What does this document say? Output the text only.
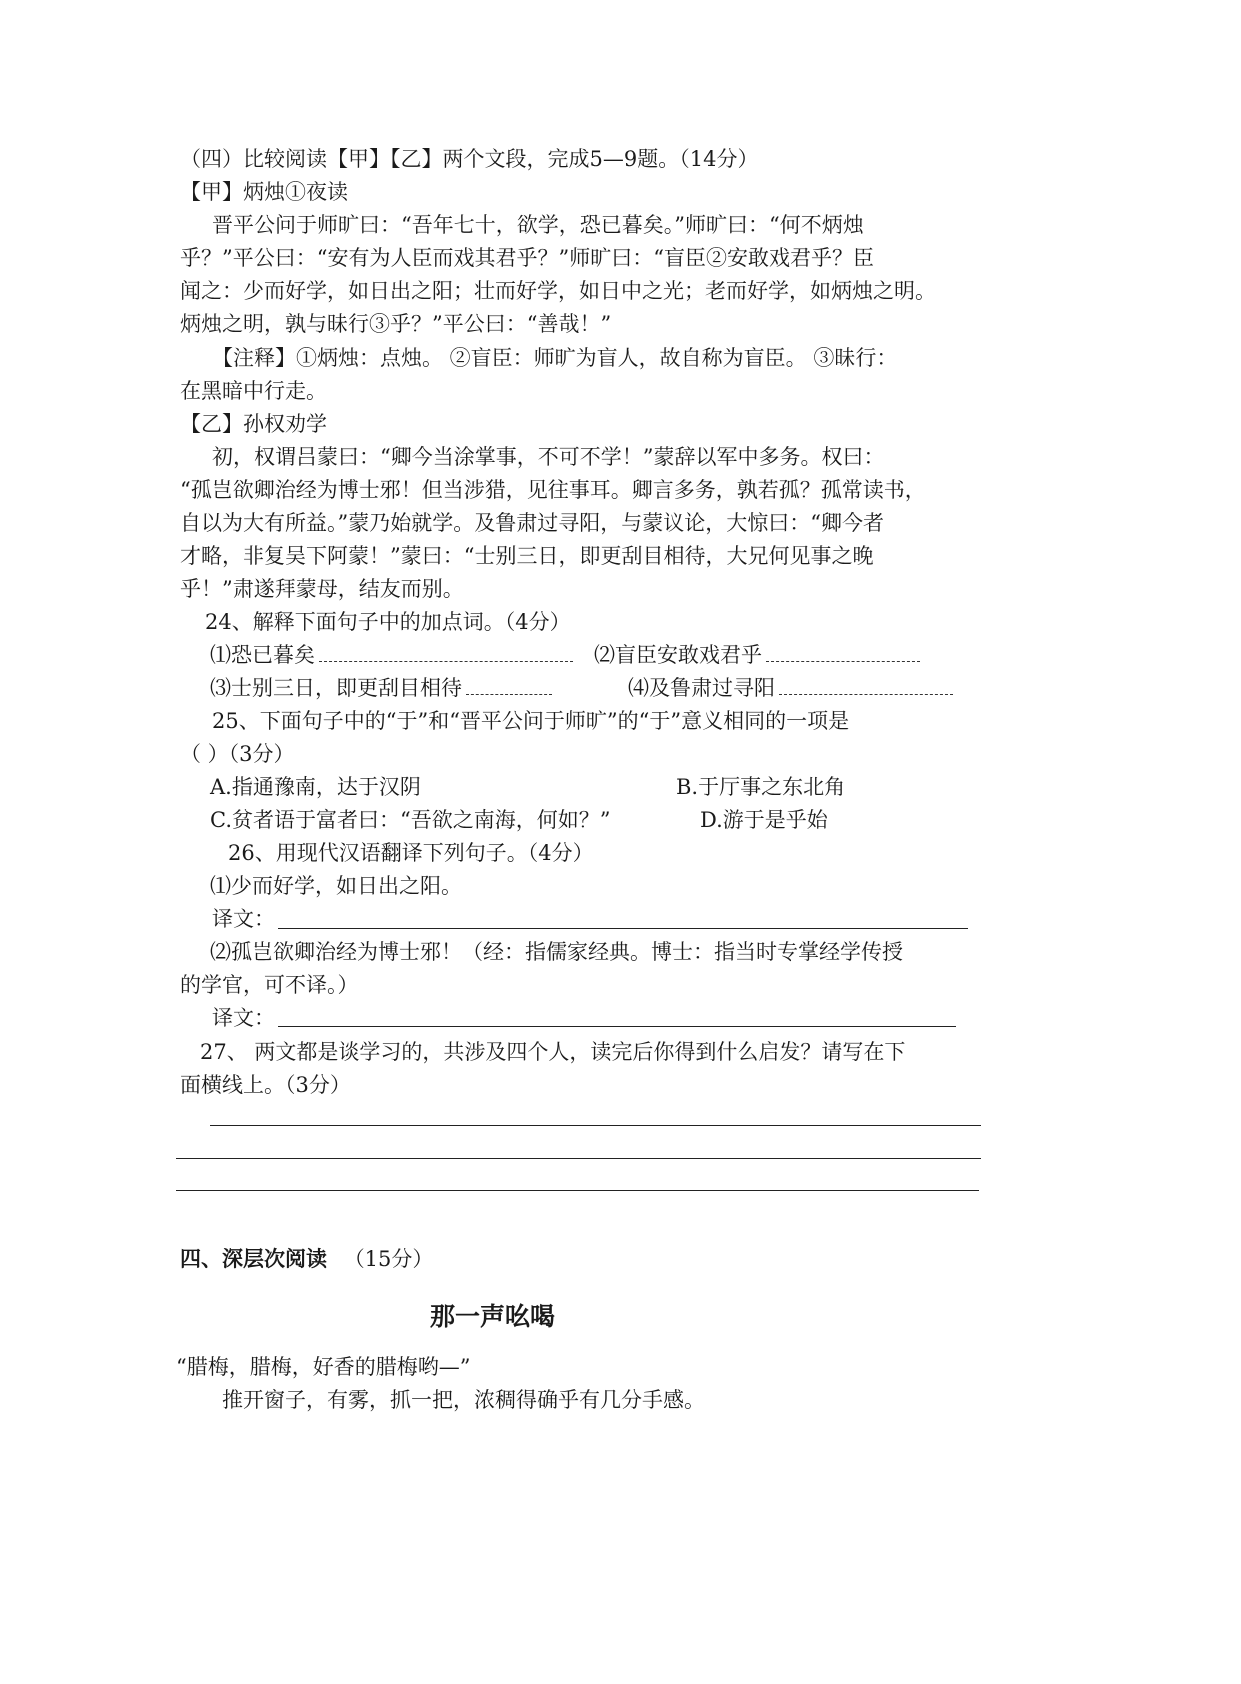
（四）比较阅读【甲】【乙】两个文段，完成5—9题。（14分）
【甲】炳烛①夜读
晋平公问于师旷曰：“吾年七十，欲学，恐已暮矣。”师旷曰：“何不炳烛
乎？”平公曰：“安有为人臣而戏其君乎？”师旷曰：“盲臣②安敢戏君乎？臣
闻之：少而好学，如日出之阳；壮而好学，如日中之光；老而好学，如炳烛之明。
炳烛之明，孰与昧行③乎？”平公曰：“善哉！”
【注释】①炳烛：点烛。 ②盲臣：师旷为盲人，故自称为盲臣。 ③昧行：
在黑暗中行走。
【乙】孙权劝学
初，权谓吕蒙曰：“卿今当涂掌事，不可不学！”蒙辞以军中多务。权曰：
“孤岂欲卿治经为博士邪！但当涉猎，见往事耳。卿言多务，孰若孤？孤常读书，
自以为大有所益。”蒙乃始就学。及鲁肃过寻阳，与蒙议论，大惊曰：“卿今者
才略，非复吴下阿蒙！”蒙曰：“士别三日，即更刮目相待，大兄何见事之晚
乎！”肃遂拜蒙母，结友而别。
24、解释下面句子中的加点词。（4分）
⑴恐已暮矣	⑵盲臣安敢戏君乎
⑶士别三日，即更刮目相待	⑷及鲁肃过寻阳
25、下面句子中的“于”和“晋平公问于师旷”的“于”意义相同的一项是
（ ）（3分）
A.指通豫南，达于汉阴	B.于厅事之东北角
C.贫者语于富者曰：“吾欲之南海，何如？”	D.游于是乎始
26、用现代汉语翻译下列句子。（4分）
⑴少而好学，如日出之阳。
译文：
⑵孤岂欲卿治经为博士邪！（经：指儒家经典。博士：指当时专掌经学传授
的学官，可不译。）
译文：
27、 两文都是谈学习的，共涉及四个人，读完后你得到什么启发？请写在下
面横线上。（3分）
四、深层次阅读 （15分）
那一声吆喝
“腊梅，腊梅，好香的腊梅哟—”
推开窗子，有雾，抓一把，浓稠得确乎有几分手感。
